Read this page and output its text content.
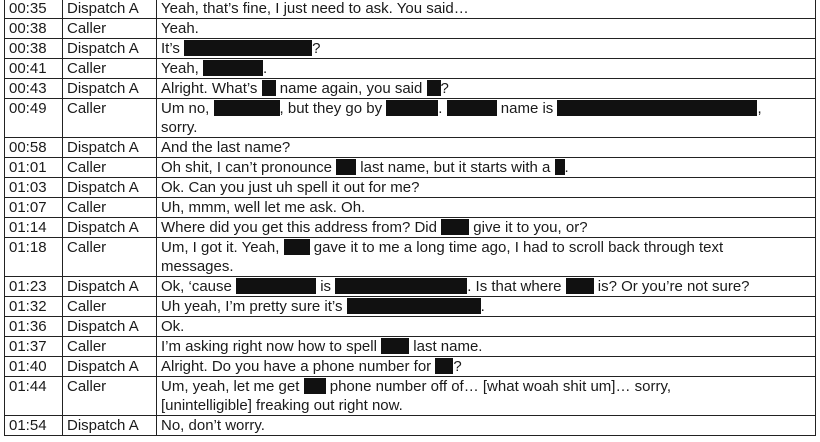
00:35	Dispatch A	Yeah, that’s fine, I just need to ask. You said…
00:38	Caller	Yeah.
00:38	Dispatch A	It’s ?
00:41	Caller	Yeah, .
00:43	Dispatch A	Alright. What’s  name again, you said ?
00:49	Caller	Um no, , but they go by . name is ,
sorry.
00:58	Dispatch A	And the last name?
01:01	Caller	Oh shit, I can’t pronounce  last name, but it starts with a .
01:03	Dispatch A	Ok. Can you just uh spell it out for me?
01:07	Caller	Uh, mmm, well let me ask. Oh.
01:14	Dispatch A	Where did you get this address from? Did  give it to you, or?
01:18	Caller	Um, I got it. Yeah,  gave it to me a long time ago, I had to scroll back through text
messages.
01:23	Dispatch A	Ok, ‘cause is . Is that where  is? Or you’re not sure?
01:32	Caller	Uh yeah, I’m pretty sure it’s .
01:36	Dispatch A	Ok.
01:37	Caller	I’m asking right now how to spell  last name.
01:40	Dispatch A	Alright. Do you have a phone number for ?
01:44	Caller	Um, yeah, let me get  phone number off of… [what woah shit um]… sorry,
[unintelligible] freaking out right now.
01:54	Dispatch A	No, don’t worry.
